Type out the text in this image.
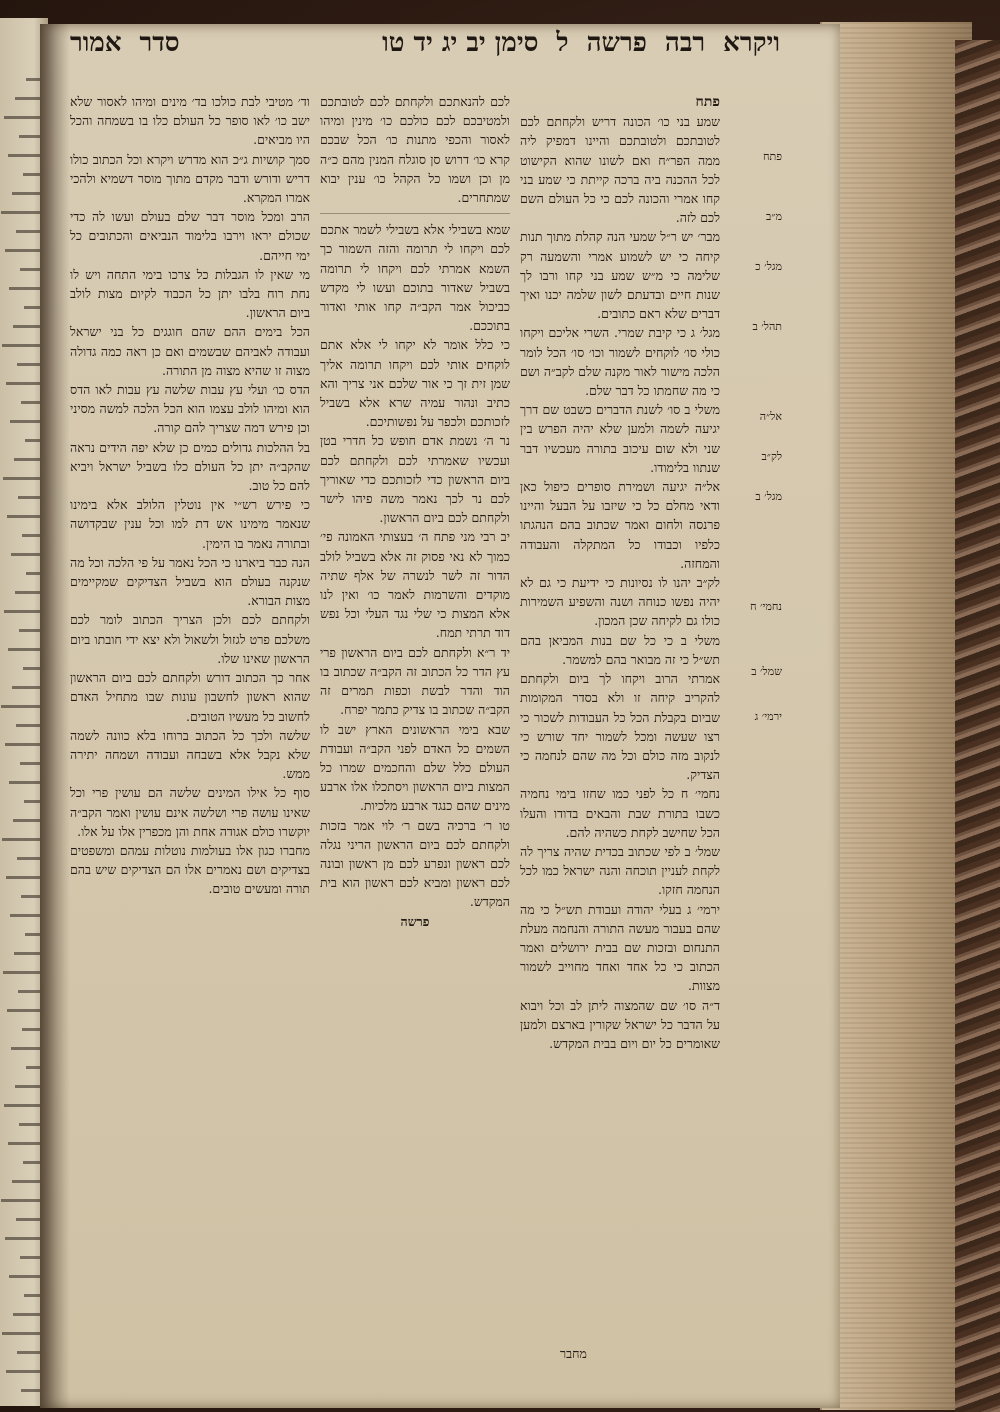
ויקרא
רבה
פרשה
ל
סימן יב יג יד טו
סדר
אמור
פתח
מ״ב
מגל׳ כ
תהל׳ ב
אל״ה
לק״ב
מגל׳ ב
נחמי׳ ח
שמל׳ ב
ירמי׳ ג

פתח

שמע בני כו׳ הכונה דריש ולקחתם לכם לטובתכם ולטובתכם והיינו דמפיק ליה ממה הפר״ח ואם לשונו שהוא הקישוט לכל ההכנה ביה ברכה קייתת כי שמע בני קחו אמרי והכונה לכם כי כל העולם השם לכם לזה.

מבר׳ יש ר״ל שמעי הנה קהלת מתוך תנות קיחה כי יש לשמוע אמרי והשמעה רק שלימה כי מ״ש שמע בני קחו ורבו לך שנות חיים ובדעתם לשון שלמה יכנו ואיך דברים שלא ראם כתובים.

מגל׳ ג כי קיבת שמרי. השרי אליכם ויקחו כולי סו׳ לוקחים לשמור וכו׳ סו׳ הכל לומר הלכה מישור לאור מקנה שלם לקב״ה ושם כי מה שחמתו כל דבר שלם.

משלי ב סו׳ לשנת הדברים כשבט שם דרך יגיעה לשמה ולמען שלא יהיה הפרש בין שני ולא שום עיכוב בתורה מעכשיו דבר שנתוו בלימודו.

אל״ה יגיעה ושמירת סופרים כיפול כאן ודאי מחלם כל כי שיזבו על הבעל והיינו פרנסה ולחום ואמר שכתוב בהם הנהגתו כלפיו וכבודו כל המתקלה והעבודה והמחזה.

לק״ב יהנו לו נסיונות כי ידיעת כי גם לא יהיה נפשו כנוחה ושנה והשפיע השמירות כולו גם לקיחה שכן המכון.

משלי ב כי כל שם בנות המביאן בהם תש״ל כי זה מבואר בהם למשמר.

אמרתי הרוב ויקחו לך ביום ולקחתם להקריב קיחה זו ולא בסדר המקומות שביום בקבלת הכל כל העבודות לשכור כי רצו שעשה ומכל לשמור יחד שורש כי לנקוב מזה כולם וכל מה שהם לנחמה כי הצדיק.

נחמי׳ ח כל לפני כמו שחזו בימי נחמיה כשבו בתורת שבת והבאים בדודו והעלו הכל שחישב לקחת כשהיה להם.

שמל׳ ב לפי שכתוב בכדית שהיה צריך לה לקחת לעניין תוכחה והנה ישראל כמו לכל הנחמה חזקו.

ירמי׳ ג בעלי יהודה ועבודת תש״ל כי מה שהם בעבור מעשה התורה והנחמה מעלת התנחום ובזכות שם בבית ירושלים ואמר הכתוב כי כל אחד ואחד מחוייב לשמור מצוות.

ד״ה סו׳ שם שהמצוה ליתן לב וכל ויבוא על הדבר כל ישראל שקורין בארצם ולמען שאומרים כל יום ויום בבית המקדש.

לכם להנאתכם ולקחתם לכם לטובתכם ולמטיבכם לכם כולכם כו׳ מינין ומיהו לאסור והכפי מתנות כו׳ הכל שבכם קרא כו׳ דרוש סן סוגלח המנין מהם כ״ה מן וכן ושמו כל הקהל כו׳ ענין יבוא שמתחרים.

שמא בשבילי אלא בשבילי לשמר אתכם לכם ויקחו לי תרומה והזה השמור כך השמא אמרתי לכם ויקחו לי תרומה בשביל שאדור בתוכם ועשו לי מקדש כביכול אמר הקב״ה קחו אותי ואדור בתוככם.

כי כלל אומר לא יקחו לי אלא אתם לוקחים אותי לכם ויקחו תרומה אליך שמן זית זך כי אור שלכם אני צריך והא כתיב ונהור עמיה שרא אלא בשביל לזכותכם ולכפר על נפשותיכם.

נר ה׳ נשמת אדם חופש כל חדרי בטן ועכשיו שאמרתי לכם ולקחתם לכם ביום הראשון כדי לזכותכם כדי שאוריך לכם נר לכך נאמר משה פיהו לישר ולקחתם לכם ביום הראשון.

יב רבי מני פתח ה׳ בעצותי האמונה פי׳ כמוך לא נאי פסוק זה אלא בשביל לולב הדור זה לשר לנשרה של אלף שתיה מוקדים והשרמות לאמר כו׳ ואין לנו אלא המצות כי שלי נגד העלי וכל נפש דוד תרתי תמח.

יד ר״א ולקחתם לכם ביום הראשון פרי עץ הדר כל הכתוב זה הקב״ה שכתוב בו הוד והדר לבשת וכפות תמרים זה הקב״ה שכתוב בו צדיק כתמר יפרח.

שבא בימי הראשונים הארץ ישב לו השמים כל האדם לפני הקב״ה ועבודת העולם כלל שלם והחכמים שמרו כל המצות ביום הראשון ויסתכלו אלו ארבע מינים שהם כנגד ארבע מלכיות.

טו ר׳ ברכיה בשם ר׳ לוי אמר בזכות ולקחתם לכם ביום הראשון הריני נגלה לכם ראשון ונפרע לכם מן ראשון ובונה לכם ראשון ומביא לכם ראשון הוא בית המקדש.

פרשה

וד׳ מטיבי לבת כולכו בד׳ מינים ומיהו לאסור שלא ישב כו׳ לאו סופר כל העולם כלו בו בשמחה והכל היו מביאים.

סמך קושיות ג״כ הוא מדרש ויקרא וכל הכתוב כולו דריש ודורש ודבר מקדם מתוך מוסר דשמיא ולהכי אמרו המקרא.

הרב ומכל מוסר דבר שלם בעולם ועשו לה כדי שכולם יראו וירבו בלימוד הנביאים והכתובים כל ימי חייהם.

מי שאין לו הגבלות כל צרכו בימי התחה ויש לו נחת רוח בלבו יתן כל הכבוד לקיום מצות לולב ביום הראשון.

הכל בימים ההם שהם חוגגים כל בני ישראל ועבודה לאביהם שבשמים ואם כן ראה כמה גדולה מצוה זו שהיא מצוה מן התורה.

הדס כו׳ ועלי עץ עבות שלשה עץ עבות לאו הדס הוא ומיהו לולב עצמו הוא הכל הלכה למשה מסיני וכן פירש דמה שצריך להם קורה.

בל ההלכות גדולים כמים כן שלא יפה הידים נראה שהקב״ה יתן כל העולם כלו בשביל ישראל ויביא להם כל טוב.

כי פירש רש״י אין נוטלין הלולב אלא בימינו שנאמר מימינו אש דת למו וכל ענין שבקדושה ובתורה נאמר בו הימין.

הנה כבר ביארנו כי הכל נאמר על פי הלכה וכל מה שנקנה בעולם הוא בשביל הצדיקים שמקיימים מצות הבורא.

ולקחתם לכם ולכן הצריך הכתוב לומר לכם משלכם פרט לגזול ולשאול ולא יצא ידי חובתו ביום הראשון שאינו שלו.

אחר כך הכתוב דורש ולקחתם לכם ביום הראשון שהוא ראשון לחשבון עונות שבו מתחיל האדם לחשוב כל מעשיו הטובים.

שלשה ולכך כל הכתוב ברוחו בלא כוונה לשמה שלא נקבל אלא בשבחה ועבודה ושמחה יתירה ממש.

סוף כל אילו המינים שלשה הם עושין פרי וכל שאינו עושה פרי ושלשה אינם עושין ואמר הקב״ה יוקשרו כולם אגודה אחת והן מכפרין אלו על אלו.

מחברו כגון אלו בעולמות נוטלות עמהם ומשפטים בצדיקים ושם נאמרים אלו הם הצדיקים שיש בהם תורה ומעשים טובים.

מחבר
